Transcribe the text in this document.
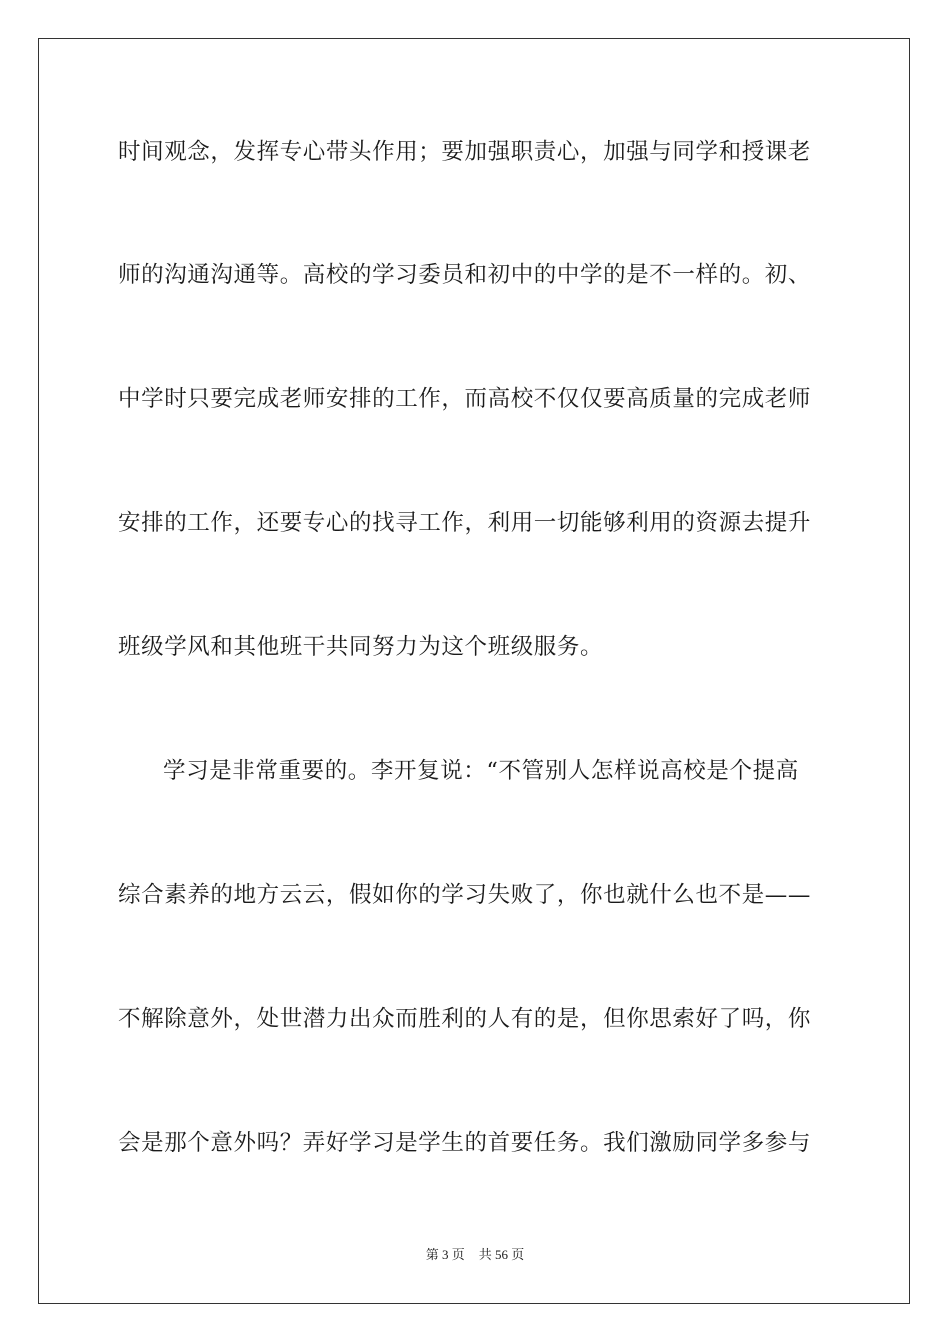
时间观念，发挥专心带头作用；要加强职责心，加强与同学和授课老
师的沟通沟通等。高校的学习委员和初中的中学的是不一样的。初、
中学时只要完成老师安排的工作，而高校不仅仅要高质量的完成老师
安排的工作，还要专心的找寻工作，利用一切能够利用的资源去提升
班级学风和其他班干共同努力为这个班级服务。
学习是非常重要的。李开复说：“不管别人怎样说高校是个提高
综合素养的地方云云，假如你的学习失败了，你也就什么也不是——
不解除意外，处世潜力出众而胜利的人有的是，但你思索好了吗，你
会是那个意外吗？弄好学习是学生的首要任务。我们激励同学多参与
第 3 页 共 56 页
